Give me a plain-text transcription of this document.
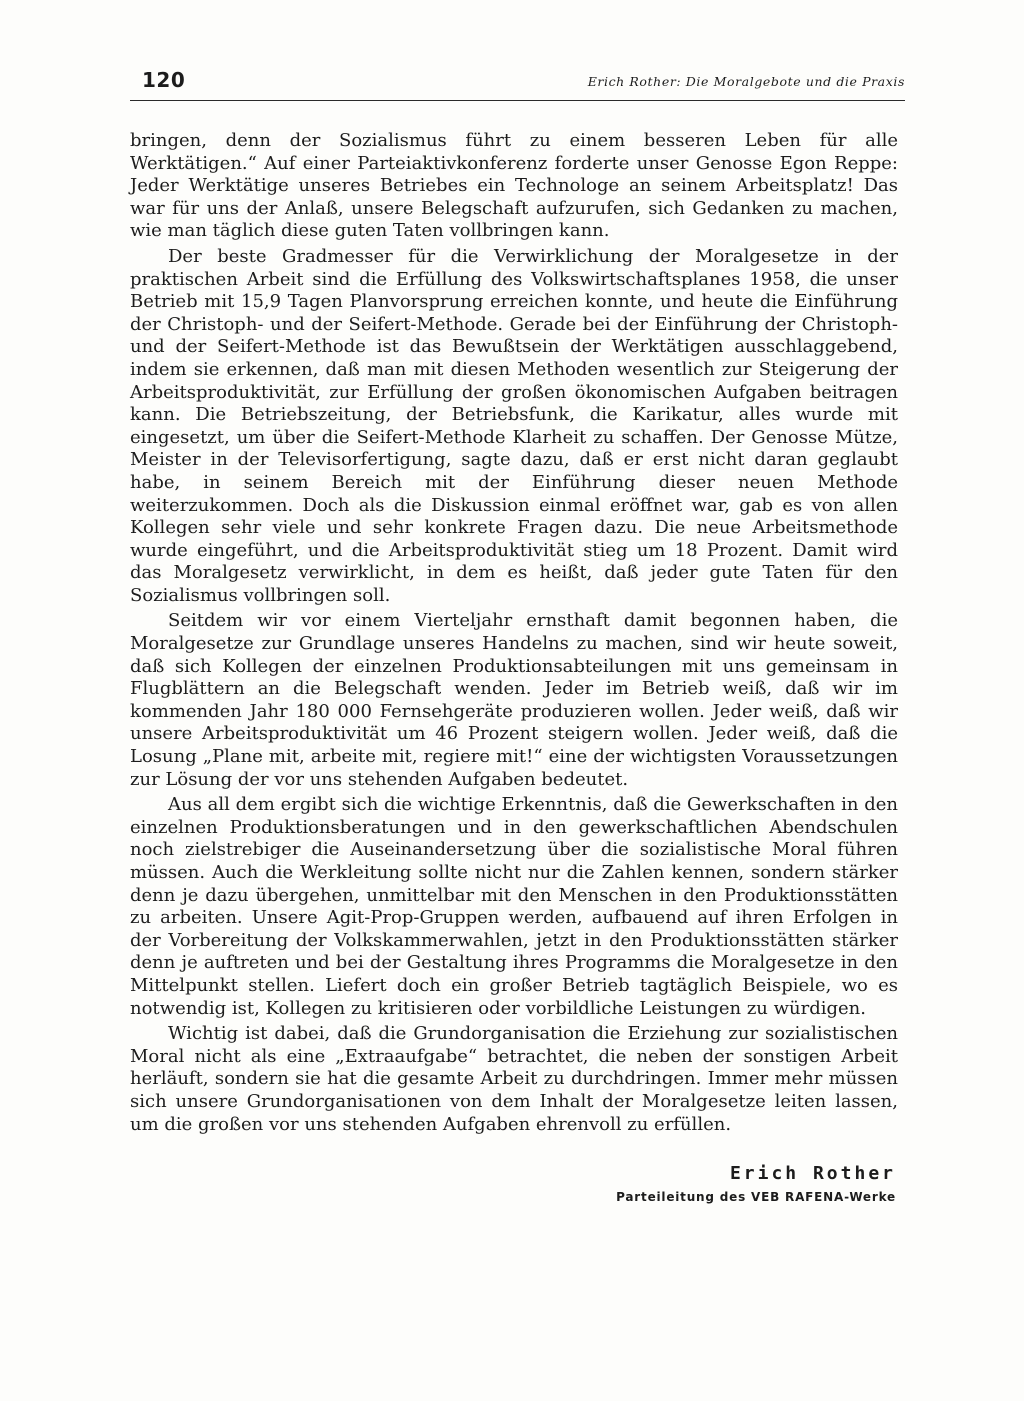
120	Erich Rother: Die Moralgebote und die Praxis

bringen, denn der Sozialismus führt zu einem besseren Leben für alle Werktätigen.“ Auf einer Parteiaktivkonferenz forderte unser Genosse Egon Reppe: Jeder Werktätige unseres Betriebes ein Technologe an seinem Arbeitsplatz! Das war für uns der Anlaß, unsere Belegschaft aufzurufen, sich Gedanken zu machen, wie man täglich diese guten Taten vollbringen kann.

Der beste Gradmesser für die Verwirklichung der Moralgesetze in der praktischen Arbeit sind die Erfüllung des Volkswirtschaftsplanes 1958, die unser Betrieb mit 15,9 Tagen Planvorsprung erreichen konnte, und heute die Einführung der Christoph- und der Seifert-Methode. Gerade bei der Einführung der Christoph- und der Seifert-Methode ist das Bewußtsein der Werktätigen ausschlaggebend, indem sie erkennen, daß man mit diesen Methoden wesentlich zur Steigerung der Arbeitsproduktivität, zur Erfüllung der großen ökonomischen Aufgaben beitragen kann. Die Betriebszeitung, der Betriebsfunk, die Karikatur, alles wurde mit eingesetzt, um über die Seifert-Methode Klarheit zu schaffen. Der Genosse Mütze, Meister in der Televisorfertigung, sagte dazu, daß er erst nicht daran geglaubt habe, in seinem Bereich mit der Einführung dieser neuen Methode weiterzukommen. Doch als die Diskussion einmal eröffnet war, gab es von allen Kollegen sehr viele und sehr konkrete Fragen dazu. Die neue Arbeitsmethode wurde eingeführt, und die Arbeitsproduktivität stieg um 18 Prozent. Damit wird das Moralgesetz verwirklicht, in dem es heißt, daß jeder gute Taten für den Sozialismus vollbringen soll.

Seitdem wir vor einem Vierteljahr ernsthaft damit begonnen haben, die Moralgesetze zur Grundlage unseres Handelns zu machen, sind wir heute soweit, daß sich Kollegen der einzelnen Produktionsabteilungen mit uns gemeinsam in Flugblättern an die Belegschaft wenden. Jeder im Betrieb weiß, daß wir im kommenden Jahr 180 000 Fernsehgeräte produzieren wollen. Jeder weiß, daß wir unsere Arbeitsproduktivität um 46 Prozent steigern wollen. Jeder weiß, daß die Losung „Plane mit, arbeite mit, regiere mit!“ eine der wichtigsten Voraussetzungen zur Lösung der vor uns stehenden Aufgaben bedeutet.

Aus all dem ergibt sich die wichtige Erkenntnis, daß die Gewerkschaften in den einzelnen Produktionsberatungen und in den gewerkschaftlichen Abendschulen noch zielstrebiger die Auseinandersetzung über die sozialistische Moral führen müssen. Auch die Werkleitung sollte nicht nur die Zahlen kennen, sondern stärker denn je dazu übergehen, unmittelbar mit den Menschen in den Produktionsstätten zu arbeiten. Unsere Agit-Prop-Gruppen werden, aufbauend auf ihren Erfolgen in der Vorbereitung der Volkskammerwahlen, jetzt in den Produktionsstätten stärker denn je auftreten und bei der Gestaltung ihres Programms die Moralgesetze in den Mittelpunkt stellen. Liefert doch ein großer Betrieb tagtäglich Beispiele, wo es notwendig ist, Kollegen zu kritisieren oder vorbildliche Leistungen zu würdigen.

Wichtig ist dabei, daß die Grundorganisation die Erziehung zur sozialistischen Moral nicht als eine „Extraaufgabe“ betrachtet, die neben der sonstigen Arbeit herläuft, sondern sie hat die gesamte Arbeit zu durchdringen. Immer mehr müssen sich unsere Grundorganisationen von dem Inhalt der Moralgesetze leiten lassen, um die großen vor uns stehenden Aufgaben ehrenvoll zu erfüllen.

Erich Rother
Parteileitung des VEB RAFENA-Werke
